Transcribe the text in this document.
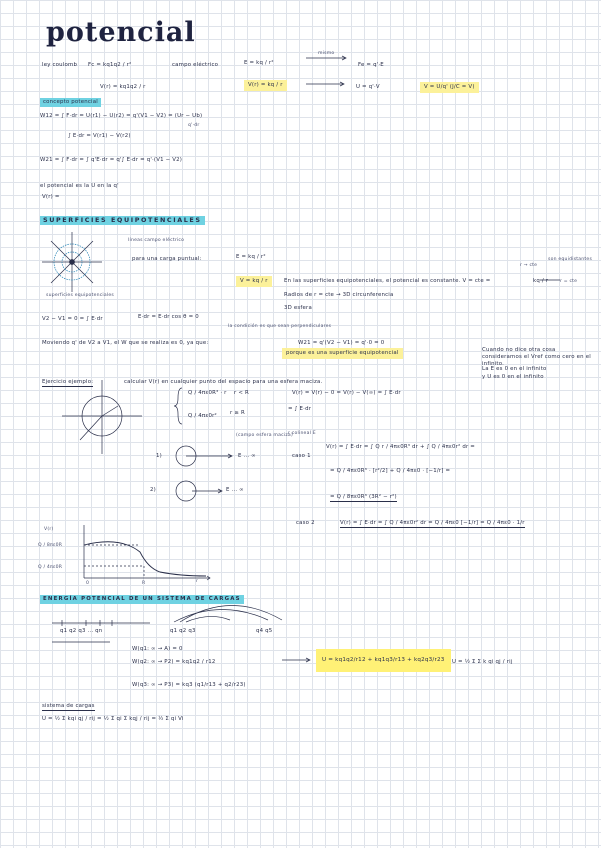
potencial
ley coulomb Fc = kq1q2 / r²	campo eléctrico	E = kq / r²
mismo
Fe = q'·E
V(r) = kq1q2 / r	V(r) = kq / r	U = q'·V	V = U/q' (J/C = V)
concepto potencial
W12 = ∫ F·dr = U(r1) − U(r2) = q'(V1 − V2) = (Ur − Ub)
q'·dr
∫ E·dr = V(r1) − V(r2)
W21 = ∫ F·dr = ∫ q'E·dr = q'∫ E·dr = q'·(V1 − V2)
el potencial es la U en la q'
V(r) =
SUPERFICIES EQUIPOTENCIALES
líneas campo eléctrico
para una carga puntual:	E = kq / r²
V = kq / r
superficies equipotenciales
En las superficies equipotenciales, el potencial es constante. V = cte =	kq / r	r = cte
r → cte
son equidistantes
Radios de r = cte → 3D circunferencia
3D esfera
V2 − V1 = 0 = ∫ E·dr	E·dr = E·dr cos θ = 0
la condición es que sean perpendiculares
Moviendo q' de V2 a V1, el W que se realiza es 0, ya que:	W21 = q'(V2 − V1) = q'·0 = 0
porque es una superficie equipotencial
Ejercicio ejemplo:	calcular V(r) en cualquier punto del espacio para una esfera maciza.
Cuando no dice otra cosa consideramos el Vref como cero en el infinito.
La E es 0 en el infinito
y U es 0 en el infinito
Q / 4πε0R³ · r
Q / 4πε0r²
r < R
r ≥ R
(campo esfera maciza)
V(r) = V(r) − 0 = V(r) − V(∞) = ∫ E·dr
= ∫ E·dr
r colineal E
1)	E ... ∞	caso 1
V(r) = ∫ E·dr = ∫ Q r / 4πε0R³ dr + ∫ Q / 4πε0r² dr =
= Q / 4πε0R³ · [r²/2] + Q / 4πε0 · [−1/r] =
= Q / 8πε0R³ (3R² − r²)
2)	E ... ∞
caso 2	V(r) = ∫ E·dr = ∫ Q / 4πε0r² dr = Q / 4πε0 [−1/r] = Q / 4πε0 · 1/r
V(r)
Q / 8πε0R
Q / 4πε0R
0	R	r
ENERGÍA POTENCIAL DE UN SISTEMA DE CARGAS
q1 q2 q3 ... qn	q1 q2 q3	q4 q5
W(q1: ∞ → A) = 0
W(q2: ∞ → P2) = kq1q2 / r12
W(q3: ∞ → P3) = kq3 (q1/r13 + q2/r23)
U = kq1q2/r12 + kq1q3/r13 + kq2q3/r23	U = ½ Σ Σ k qi qj / rij
sistema de cargas
U = ½ Σ kqi qj / rij = ½ Σ qi Σ kqj / rij = ½ Σ qi Vi
